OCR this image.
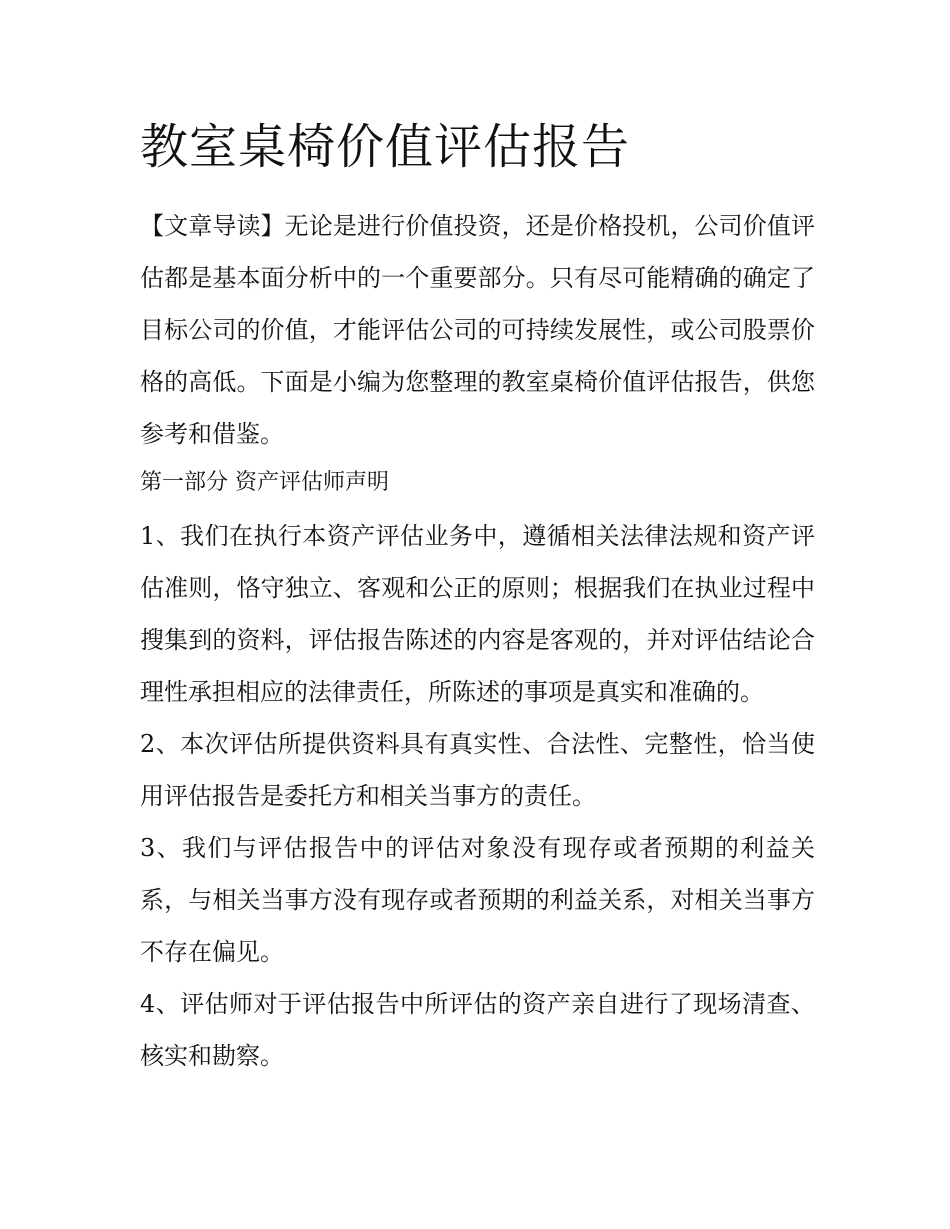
教室桌椅价值评估报告

【文章导读】无论是进行价值投资，还是价格投机，公司价值评估都是基本面分析中的一个重要部分。只有尽可能精确的确定了目标公司的价值，才能评估公司的可持续发展性，或公司股票价格的高低。下面是小编为您整理的教室桌椅价值评估报告，供您参考和借鉴。

第一部分 资产评估师声明

1、我们在执行本资产评估业务中，遵循相关法律法规和资产评估准则，恪守独立、客观和公正的原则；根据我们在执业过程中搜集到的资料，评估报告陈述的内容是客观的，并对评估结论合理性承担相应的法律责任，所陈述的事项是真实和准确的。

2、本次评估所提供资料具有真实性、合法性、完整性，恰当使用评估报告是委托方和相关当事方的责任。

3、我们与评估报告中的评估对象没有现存或者预期的利益关系，与相关当事方没有现存或者预期的利益关系，对相关当事方不存在偏见。

4、评估师对于评估报告中所评估的资产亲自进行了现场清查、核实和勘察。
